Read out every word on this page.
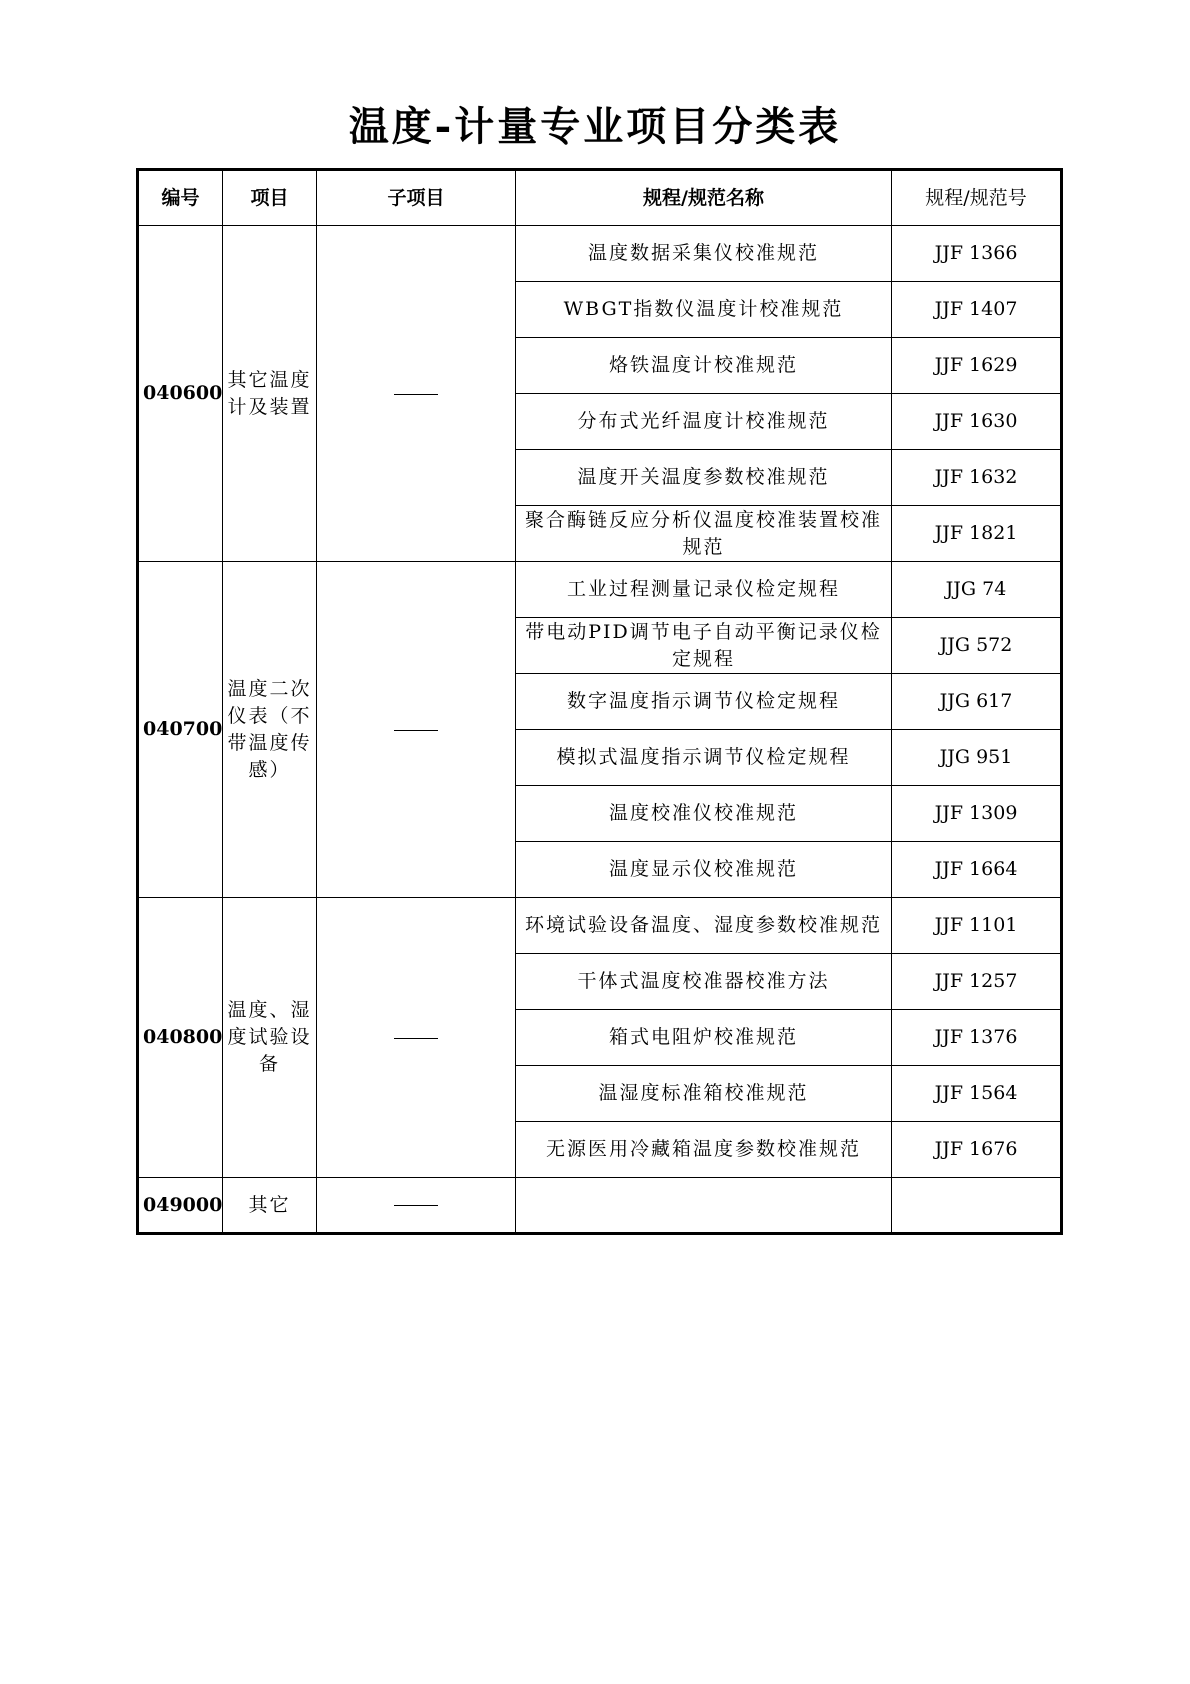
温度-计量专业项目分类表
编号	项目	子项目	规程/规范名称	规程/规范号
040600	其它温度计及装置		温度数据采集仪校准规范	JJF 1366
			WBGT指数仪温度计校准规范	JJF 1407
			烙铁温度计校准规范	JJF 1629
			分布式光纤温度计校准规范	JJF 1630
			温度开关温度参数校准规范	JJF 1632
			聚合酶链反应分析仪温度校准装置校准规范	JJF 1821
040700	温度二次仪表（不带温度传感）		工业过程测量记录仪检定规程	JJG 74
			带电动PID调节电子自动平衡记录仪检定规程	JJG 572
			数字温度指示调节仪检定规程	JJG 617
			模拟式温度指示调节仪检定规程	JJG 951
			温度校准仪校准规范	JJF 1309
			温度显示仪校准规范	JJF 1664
040800	温度、湿度试验设备		环境试验设备温度、湿度参数校准规范	JJF 1101
			干体式温度校准器校准方法	JJF 1257
			箱式电阻炉校准规范	JJF 1376
			温湿度标准箱校准规范	JJF 1564
			无源医用冷藏箱温度参数校准规范	JJF 1676
049000	其它			
